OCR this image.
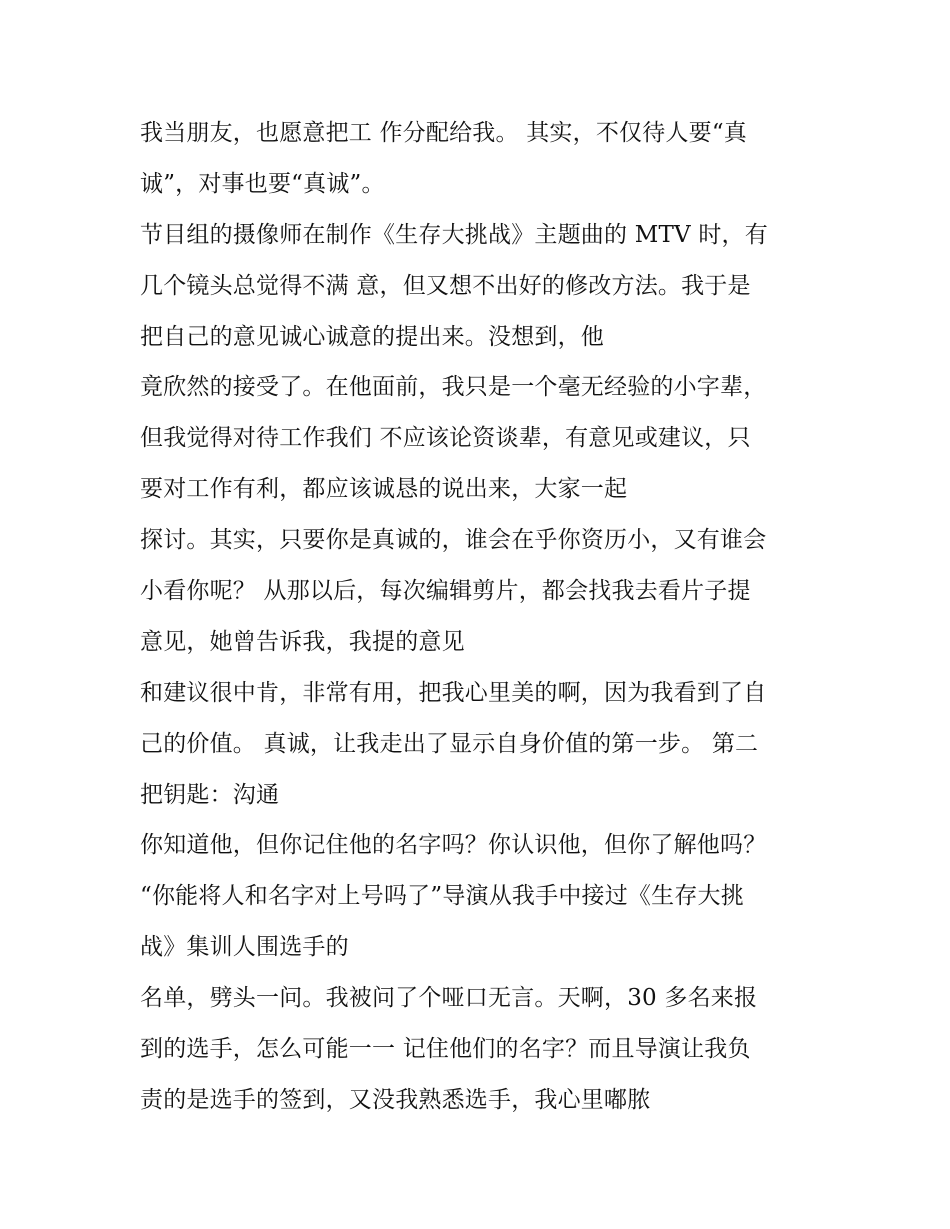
我当朋友，也愿意把工 作分配给我。 其实，不仅待人要“真
诚”，对事也要“真诚”。
节目组的摄像师在制作《生存大挑战》主题曲的 MTV 时，有
几个镜头总觉得不满 意，但又想不出好的修改方法。我于是
把自己的意见诚心诚意的提出来。没想到，他
竟欣然的接受了。在他面前，我只是一个毫无经验的小字辈，
但我觉得对待工作我们 不应该论资谈辈，有意见或建议，只
要对工作有利，都应该诚恳的说出来，大家一起
探讨。其实，只要你是真诚的，谁会在乎你资历小，又有谁会
小看你呢？ 从那以后，每次编辑剪片，都会找我去看片子提
意见，她曾告诉我，我提的意见
和建议很中肯，非常有用，把我心里美的啊，因为我看到了自
己的价值。 真诚，让我走出了显示自身价值的第一步。 第二
把钥匙：沟通
你知道他，但你记住他的名字吗？你认识他，但你了解他吗？
“你能将人和名字对上号吗了”导演从我手中接过《生存大挑
战》集训人围选手的
名单，劈头一问。我被问了个哑口无言。天啊，30 多名来报
到的选手，怎么可能一一 记住他们的名字？而且导演让我负
责的是选手的签到，又没我熟悉选手，我心里嘟脓
